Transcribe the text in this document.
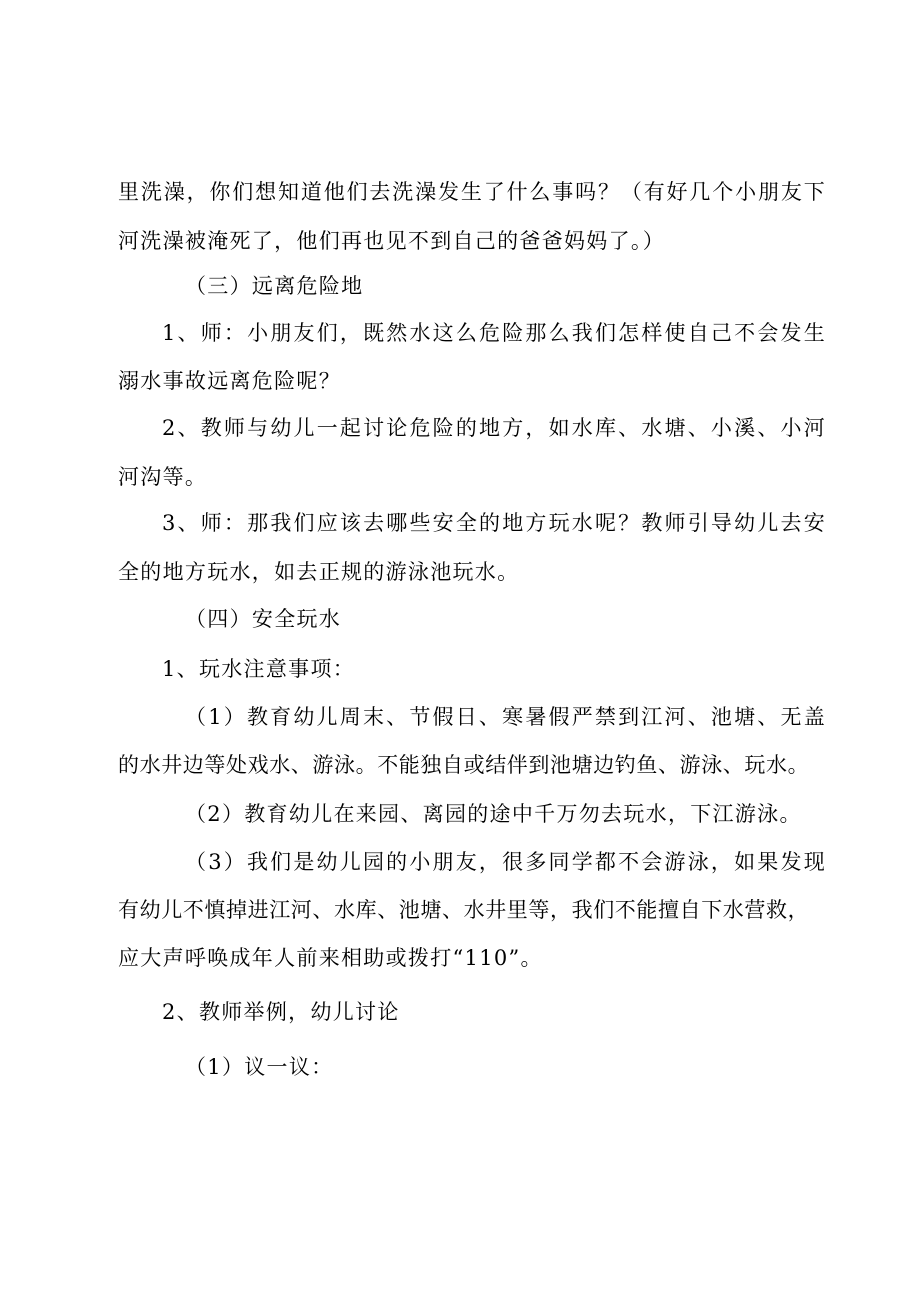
里洗澡，你们想知道他们去洗澡发生了什么事吗？（有好几个小朋友下
河洗澡被淹死了，他们再也见不到自己的爸爸妈妈了。）
（三）远离危险地
1、师：小朋友们，既然水这么危险那么我们怎样使自己不会发生
溺水事故远离危险呢？
2、教师与幼儿一起讨论危险的地方，如水库、水塘、小溪、小河
河沟等。
3、师：那我们应该去哪些安全的地方玩水呢？教师引导幼儿去安
全的地方玩水，如去正规的游泳池玩水。
（四）安全玩水
1、玩水注意事项：
（1）教育幼儿周末、节假日、寒暑假严禁到江河、池塘、无盖
的水井边等处戏水、游泳。不能独自或结伴到池塘边钓鱼、游泳、玩水。
（2）教育幼儿在来园、离园的途中千万勿去玩水，下江游泳。
（3）我们是幼儿园的小朋友，很多同学都不会游泳，如果发现
有幼儿不慎掉进江河、水库、池塘、水井里等，我们不能擅自下水营救，
应大声呼唤成年人前来相助或拨打“110”。
2、教师举例，幼儿讨论
（1）议一议：
